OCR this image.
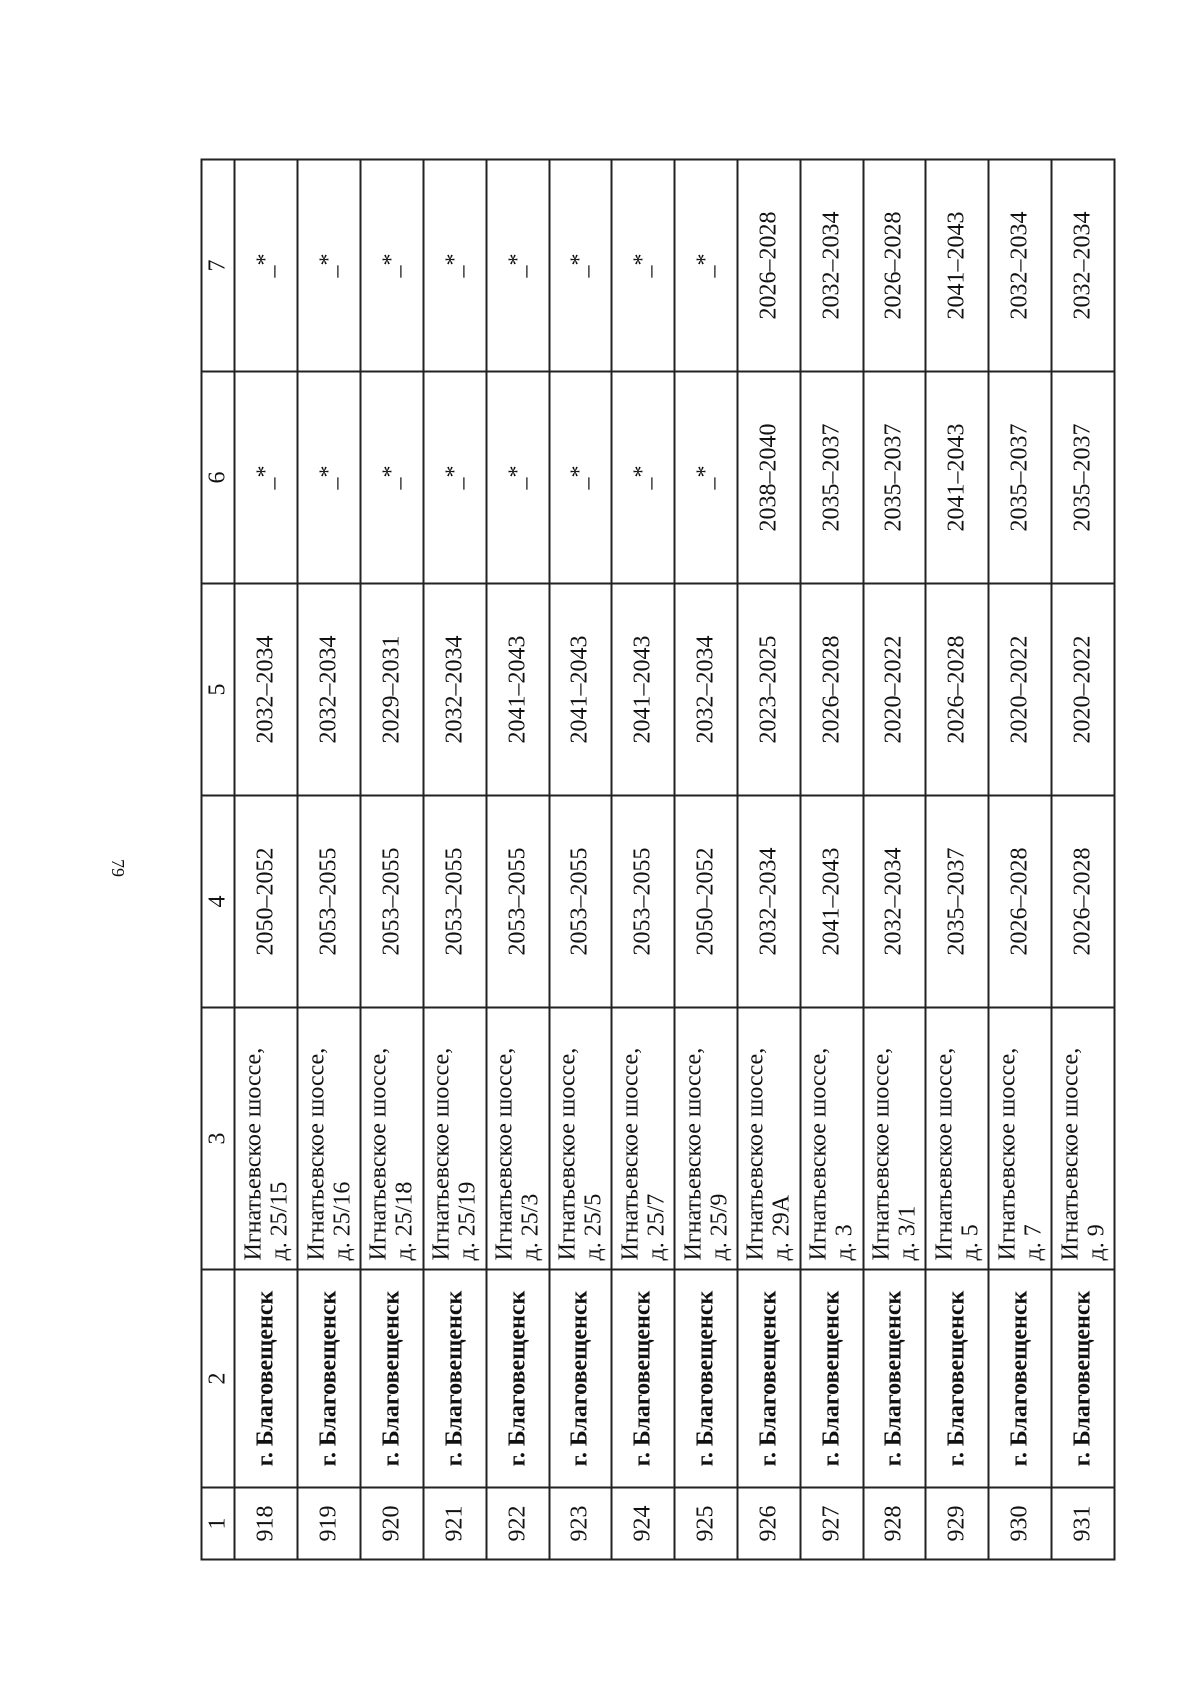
79
1	2	3	4	5	6	7
918	г. Благовещенск	Игнатьевское шоссе, д. 25/15	2050–2052	2032–2034	_*	_*
919	г. Благовещенск	Игнатьевское шоссе, д. 25/16	2053–2055	2032–2034	_*	_*
920	г. Благовещенск	Игнатьевское шоссе, д. 25/18	2053–2055	2029–2031	_*	_*
921	г. Благовещенск	Игнатьевское шоссе, д. 25/19	2053–2055	2032–2034	_*	_*
922	г. Благовещенск	Игнатьевское шоссе, д. 25/3	2053–2055	2041–2043	_*	_*
923	г. Благовещенск	Игнатьевское шоссе, д. 25/5	2053–2055	2041–2043	_*	_*
924	г. Благовещенск	Игнатьевское шоссе, д. 25/7	2053–2055	2041–2043	_*	_*
925	г. Благовещенск	Игнатьевское шоссе, д. 25/9	2050–2052	2032–2034	_*	_*
926	г. Благовещенск	Игнатьевское шоссе, д. 29А	2032–2034	2023–2025	2038–2040	2026–2028
927	г. Благовещенск	Игнатьевское шоссе, д. 3	2041–2043	2026–2028	2035–2037	2032–2034
928	г. Благовещенск	Игнатьевское шоссе, д. 3/1	2032–2034	2020–2022	2035–2037	2026–2028
929	г. Благовещенск	Игнатьевское шоссе, д. 5	2035–2037	2026–2028	2041–2043	2041–2043
930	г. Благовещенск	Игнатьевское шоссе, д. 7	2026–2028	2020–2022	2035–2037	2032–2034
931	г. Благовещенск	Игнатьевское шоссе, д. 9	2026–2028	2020–2022	2035–2037	2032–2034
